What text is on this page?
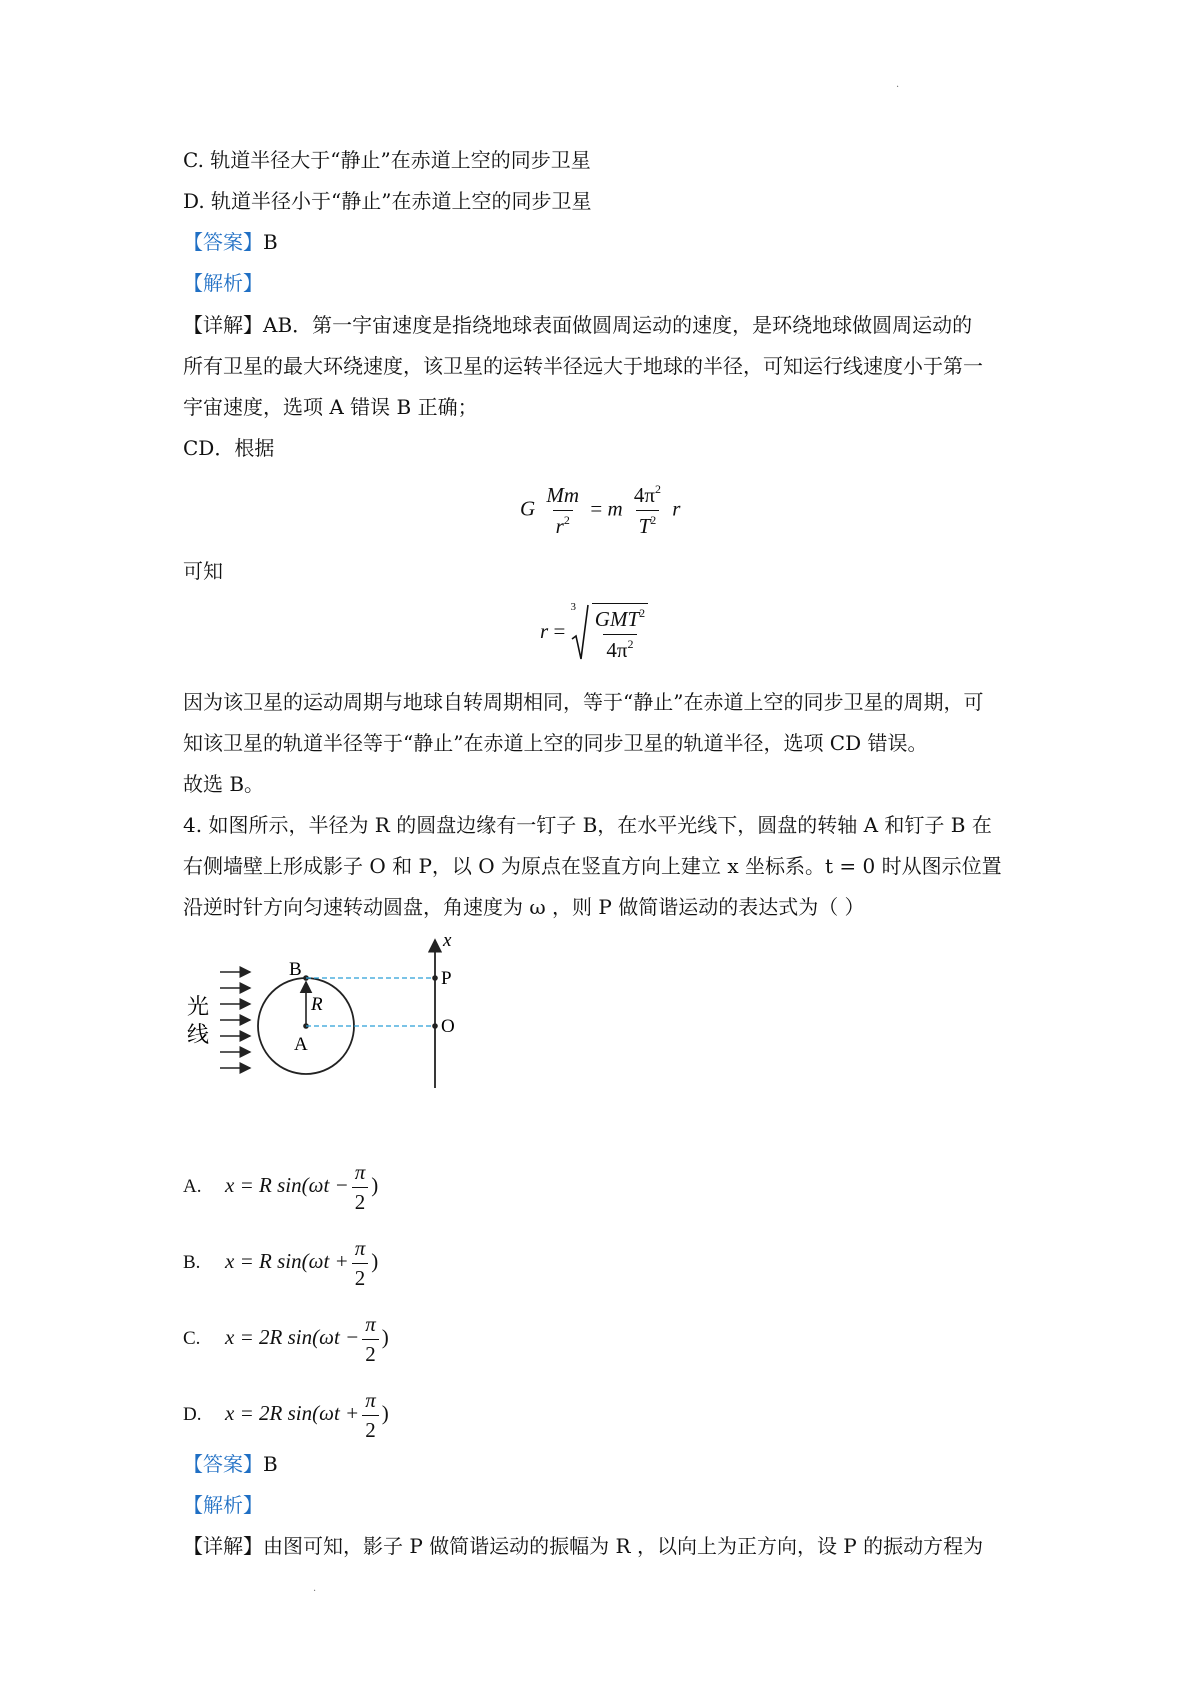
·
C. 轨道半径大于“静止”在赤道上空的同步卫星
D. 轨道半径小于“静止”在赤道上空的同步卫星
【答案】B
【解析】
【详解】AB．第一宇宙速度是指绕地球表面做圆周运动的速度，是环绕地球做圆周运动的
所有卫星的最大环绕速度，该卫星的运转半径远大于地球的半径，可知运行线速度小于第一
宇宙速度，选项 A 错误 B 正确；
CD．根据
G $\frac{Mm}{r^2} = m \frac{4\pi^2}{T^2}$ r
可知
r =
3
$\frac{GMT^2}{4\pi^2}$
因为该卫星的运动周期与地球自转周期相同，等于“静止”在赤道上空的同步卫星的周期，可
知该卫星的轨道半径等于“静止”在赤道上空的同步卫星的轨道半径，选项 CD 错误。
故选 B。
4. 如图所示，半径为 R 的圆盘边缘有一钉子 B，在水平光线下，圆盘的转轴 A 和钉子 B 在
右侧墙壁上形成影子 O 和 P，以 O 为原点在竖直方向上建立 x 坐标系。t = 0 时从图示位置
沿逆时针方向匀速转动圆盘，角速度为 ω ，则 P 做简谐运动的表达式为（ ）
光
线
B
R
A
x
P
O
A. x = R $\sin(\omega t - \frac{\pi}{2}$ )
B. x = R $\sin(\omega t + \frac{\pi}{2}$ )
C. x = 2R $\sin(\omega t - \frac{\pi}{2}$ )
D. x = 2R $\sin(\omega t + \frac{\pi}{2}$ )
【答案】B
【解析】
【详解】由图可知，影子 P 做简谐运动的振幅为 R ，以向上为正方向，设 P 的振动方程为
·
